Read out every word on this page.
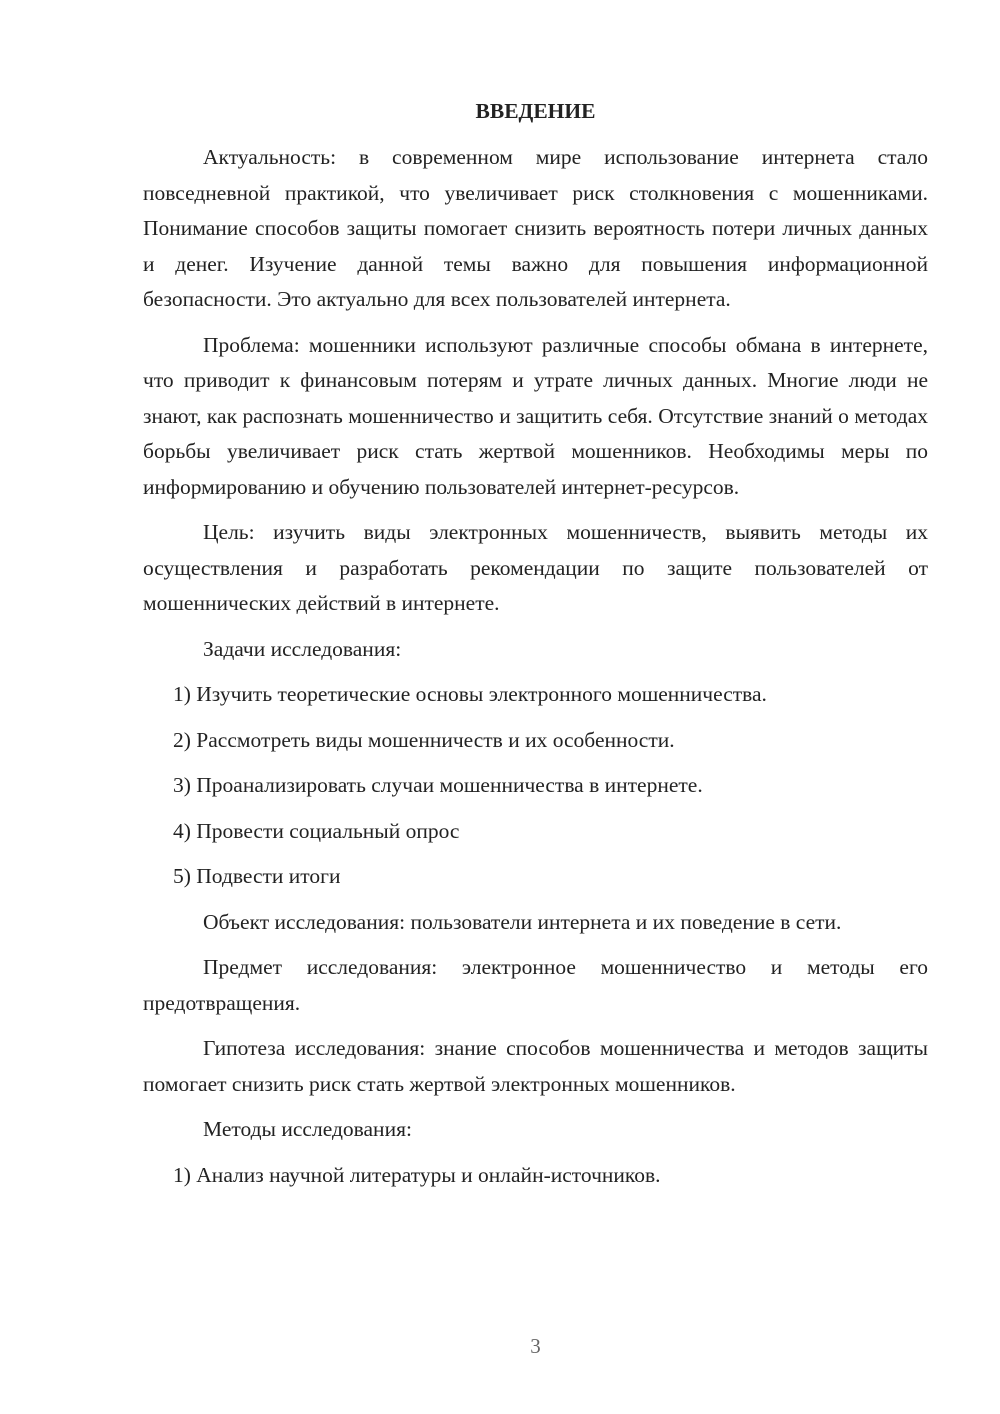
ВВЕДЕНИЕ

Актуальность: в современном мире использование интернета стало повседневной практикой, что увеличивает риск столкновения с мошенниками. Понимание способов защиты помогает снизить вероятность потери личных данных и денег. Изучение данной темы важно для повышения информационной безопасности. Это актуально для всех пользователей интернета.

Проблема: мошенники используют различные способы обмана в интернете, что приводит к финансовым потерям и утрате личных данных. Многие люди не знают, как распознать мошенничество и защитить себя. Отсутствие знаний о методах борьбы увеличивает риск стать жертвой мошенников. Необходимы меры по информированию и обучению пользователей интернет-ресурсов.

Цель: изучить виды электронных мошенничеств, выявить методы их осуществления и разработать рекомендации по защите пользователей от мошеннических действий в интернете.

Задачи исследования:

1) Изучить теоретические основы электронного мошенничества.
2) Рассмотреть виды мошенничеств и их особенности.
3) Проанализировать случаи мошенничества в интернете.
4) Провести социальный опрос
5) Подвести итоги

Объект исследования: пользователи интернета и их поведение в сети.

Предмет исследования: электронное мошенничество и методы его предотвращения.

Гипотеза исследования: знание способов мошенничества и методов защиты помогает снизить риск стать жертвой электронных мошенников.

Методы исследования:

1) Анализ научной литературы и онлайн-источников.
3
